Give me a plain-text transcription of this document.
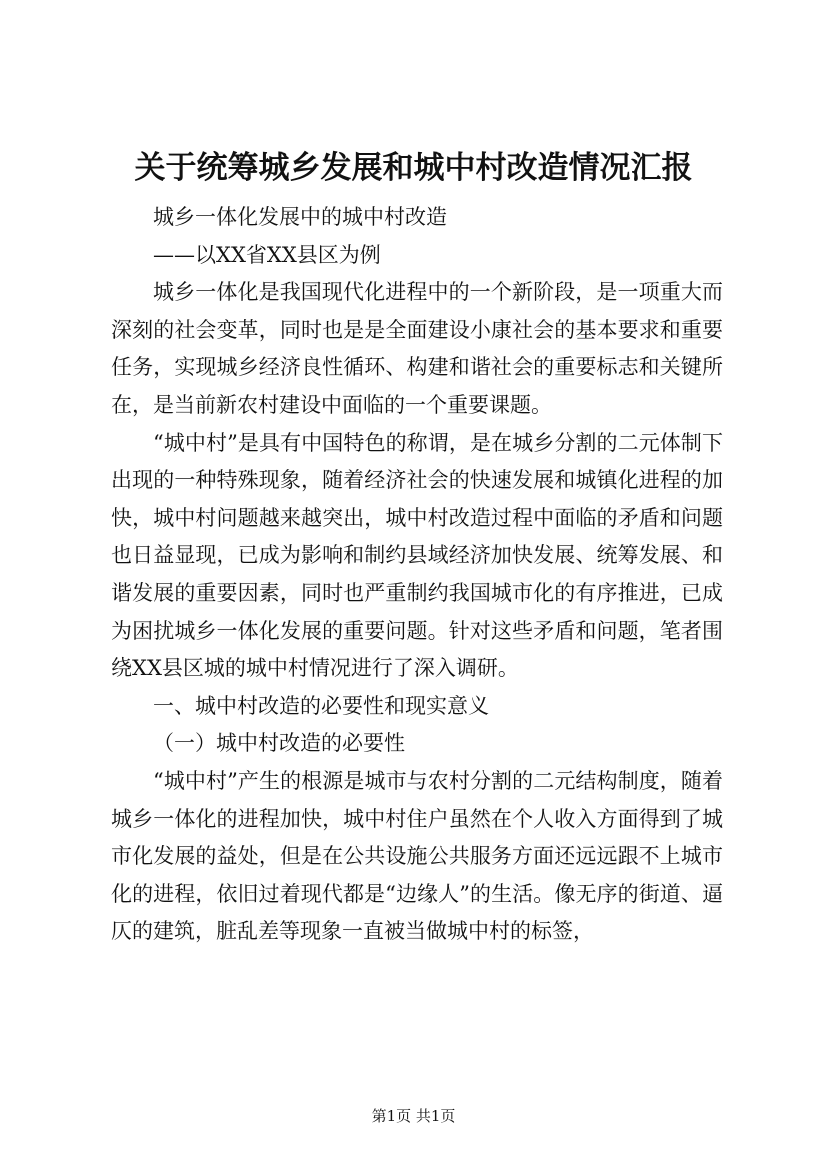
关于统筹城乡发展和城中村改造情况汇报

城乡一体化发展中的城中村改造

——以XX省XX县区为例

城乡一体化是我国现代化进程中的一个新阶段，是一项重大而深刻的社会变革，同时也是是全面建设小康社会的基本要求和重要任务，实现城乡经济良性循环、构建和谐社会的重要标志和关键所在，是当前新农村建设中面临的一个重要课题。

“城中村”是具有中国特色的称谓，是在城乡分割的二元体制下出现的一种特殊现象，随着经济社会的快速发展和城镇化进程的加快，城中村问题越来越突出，城中村改造过程中面临的矛盾和问题也日益显现，已成为影响和制约县域经济加快发展、统筹发展、和谐发展的重要因素，同时也严重制约我国城市化的有序推进，已成为困扰城乡一体化发展的重要问题。针对这些矛盾和问题，笔者围绕XX县区城的城中村情况进行了深入调研。

一、城中村改造的必要性和现实意义

（一）城中村改造的必要性

“城中村”产生的根源是城市与农村分割的二元结构制度，随着城乡一体化的进程加快，城中村住户虽然在个人收入方面得到了城市化发展的益处，但是在公共设施公共服务方面还远远跟不上城市化的进程，依旧过着现代都是“边缘人”的生活。像无序的街道、逼仄的建筑，脏乱差等现象一直被当做城中村的标签，

第1页 共1页
